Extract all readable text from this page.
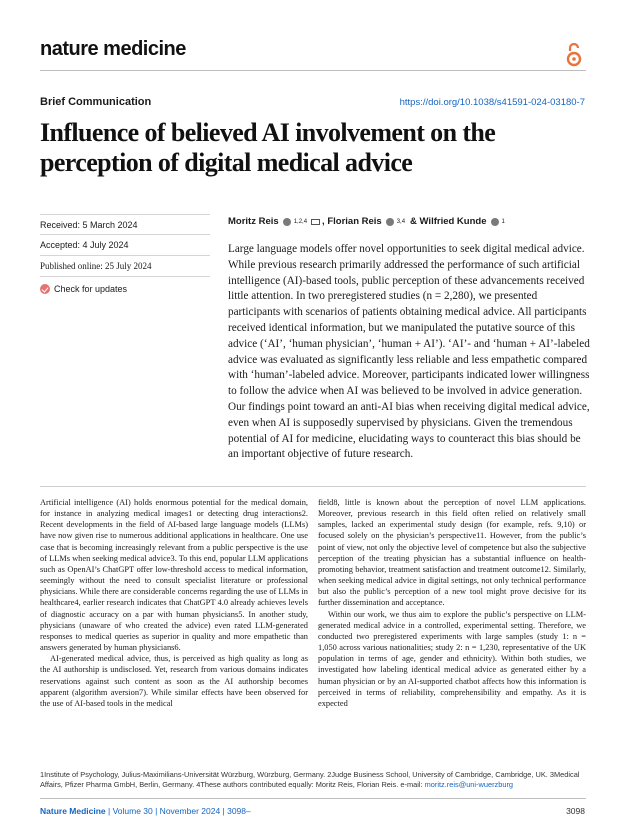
nature medicine
Brief Communication	https://doi.org/10.1038/s41591-024-03180-7
Influence of believed AI involvement on the perception of digital medical advice
Received: 5 March 2024
Accepted: 4 July 2024
Published online: 25 July 2024
Check for updates
Moritz Reis	1,2,4 , Florian Reis	3,4 & Wilfried Kunde	1
Large language models offer novel opportunities to seek digital medical advice. While previous research primarily addressed the performance of such artificial intelligence (AI)-based tools, public perception of these advancements received little attention. In two preregistered studies (n = 2,280), we presented participants with scenarios of patients obtaining medical advice. All participants received identical information, but we manipulated the putative source of this advice (‘AI’, ‘human physician’, ‘human + AI’). ‘AI’- and ‘human + AI’-labeled advice was evaluated as significantly less reliable and less empathetic compared with ‘human’-labeled advice. Moreover, participants indicated lower willingness to follow the advice when AI was believed to be involved in advice generation. Our findings point toward an anti-AI bias when receiving digital medical advice, even when AI is supposedly supervised by physicians. Given the tremendous potential of AI for medicine, elucidating ways to counteract this bias should be an important objective of future research.

Artificial intelligence (AI) holds enormous potential for the medical domain, for instance in analyzing medical images1 or detecting drug interactions2. Recent developments in the field of AI-based large language models (LLMs) have now given rise to numerous additional applications in healthcare. One use case that is becoming increasingly relevant from a public perspective is the use of LLMs when seeking medical advice3. To this end, popular LLM applications such as OpenAI’s ChatGPT offer low-threshold access to medical information, seemingly without the need to consult specialist literature or professional physicians. While there are considerable concerns regarding the use of LLMs in healthcare4, earlier research indicates that ChatGPT 4.0 already achieves levels of diagnostic accuracy on a par with human physicians5. In another study, physicians (unaware of who created the advice) even rated LLM-generated responses to medical queries as superior in quality and more empathetic than answers generated by human physicians6.

AI-generated medical advice, thus, is perceived as high quality as long as the AI authorship is undisclosed. Yet, research from various domains indicates reservations against such content as soon as the AI authorship becomes apparent (algorithm aversion7). While similar effects have been observed for the use of AI-based tools in the medical

field8, little is known about the perception of novel LLM applications. Moreover, previous research in this field often relied on relatively small samples, lacked an experimental study design (for example, refs. 9,10) or focused solely on the physician’s perspective11. However, from the public’s point of view, not only the objective level of competence but also the subjective perception of the treating physician has a substantial influence on health-promoting behavior, treatment satisfaction and treatment outcome12. Similarly, when seeking medical advice in digital settings, not only technical performance but also the public’s perception of a new tool might prove decisive for its further dissemination and acceptance.

Within our work, we thus aim to explore the public’s perspective on LLM-generated medical advice in a controlled, experimental setting. Therefore, we conducted two preregistered experiments with large samples (study 1: n = 1,050 across various nationalities; study 2: n = 1,230, representative of the UK population in terms of age, gender and ethnicity). Within both studies, we investigated how labeling identical medical advice as generated either by a human physician or by an AI-supported chatbot affects how this information is perceived in terms of reliability, comprehensibility and empathy. As it is expected

1Institute of Psychology, Julius-Maximilians-Universität Würzburg, Würzburg, Germany. 2Judge Business School, University of Cambridge, Cambridge, UK. 3Medical Affairs, Pfizer Pharma GmbH, Berlin, Germany. 4These authors contributed equally: Moritz Reis, Florian Reis. e-mail: moritz.reis@uni-wuerzburg
Nature Medicine | Volume 30 | November 2024 | 3098–	3098
